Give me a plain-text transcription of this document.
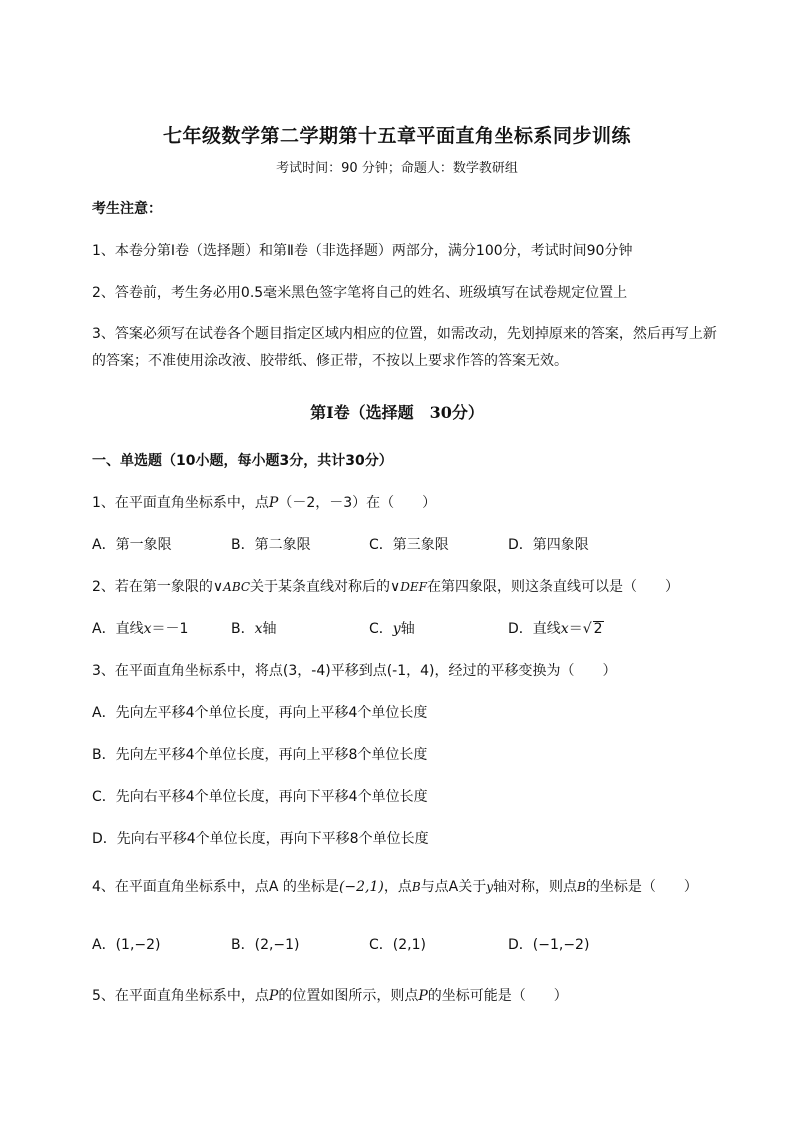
七年级数学第二学期第十五章平面直角坐标系同步训练
考试时间：90 分钟；命题人：数学教研组
考生注意：
1、本卷分第I卷（选择题）和第Ⅱ卷（非选择题）两部分，满分100分，考试时间90分钟
2、答卷前，考生务必用0.5毫米黑色签字笔将自己的姓名、班级填写在试卷规定位置上
3、答案必须写在试卷各个题目指定区域内相应的位置，如需改动，先划掉原来的答案，然后再写上新
的答案；不准使用涂改液、胶带纸、修正带，不按以上要求作答的答案无效。
第I卷（选择题　30分）
一、单选题（10小题，每小题3分，共计30分）
1、在平面直角坐标系中，点P（－2，－3）在（　　）
A．第一象限	B．第二象限	C．第三象限	D．第四象限
2、若在第一象限的∨ABC关于某条直线对称后的∨DEF在第四象限，则这条直线可以是（　　）
A．直线x＝－1	B．x轴	C．y轴	D．直线x＝√ 2
3、在平面直角坐标系中，将点(3，-4)平移到点(-1，4)，经过的平移变换为（　　）
A．先向左平移4个单位长度，再向上平移4个单位长度
B．先向左平移4个单位长度，再向上平移8个单位长度
C．先向右平移4个单位长度，再向下平移4个单位长度
D．先向右平移4个单位长度，再向下平移8个单位长度
4、在平面直角坐标系中，点A 的坐标是(−2,1)，点B与点A关于y轴对称，则点B的坐标是（　　）
A．(1,−2)	B．(2,−1)	C．(2,1)	D．(−1,−2)
5、在平面直角坐标系中，点P的位置如图所示，则点P的坐标可能是（　　）
